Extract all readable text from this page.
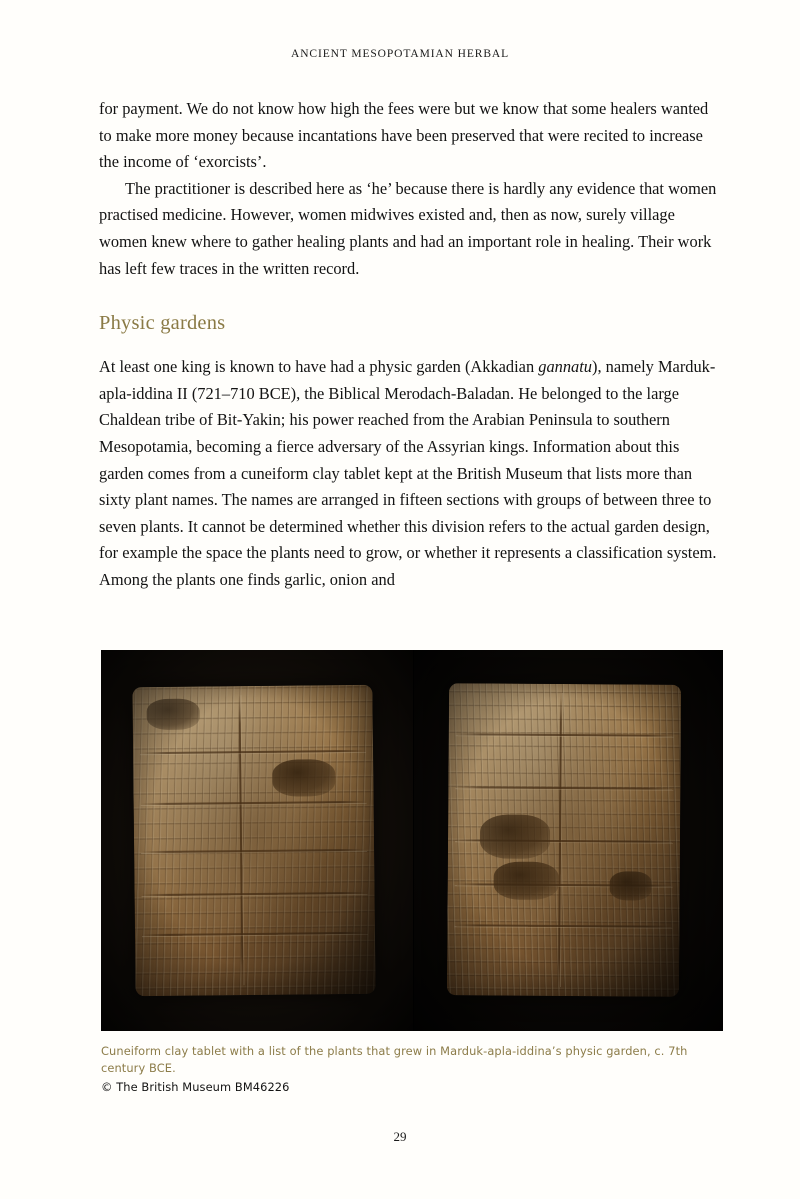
ANCIENT MESOPOTAMIAN HERBAL

for payment. We do not know how high the fees were but we know that some healers wanted to make more money because incantations have been preserved that were recited to increase the income of ‘exorcists’.

The practitioner is described here as ‘he’ because there is hardly any evidence that women practised medicine. However, women midwives existed and, then as now, surely village women knew where to gather healing plants and had an important role in healing. Their work has left few traces in the written record.

Physic gardens

At least one king is known to have had a physic garden (Akkadian gannatu), namely Marduk-apla-iddina II (721–710 BCE), the Biblical Merodach-Baladan. He belonged to the large Chaldean tribe of Bit-Yakin; his power reached from the Arabian Peninsula to southern Mesopotamia, becoming a fierce adversary of the Assyrian kings. Information about this garden comes from a cuneiform clay tablet kept at the British Museum that lists more than sixty plant names. The names are arranged in fifteen sections with groups of between three to seven plants. It cannot be determined whether this division refers to the actual garden design, for example the space the plants need to grow, or whether it represents a classification system. Among the plants one finds garlic, onion and

Cuneiform clay tablet with a list of the plants that grew in Marduk-apla-iddina’s physic garden, c. 7th century BCE.

© The British Museum BM46226

29
